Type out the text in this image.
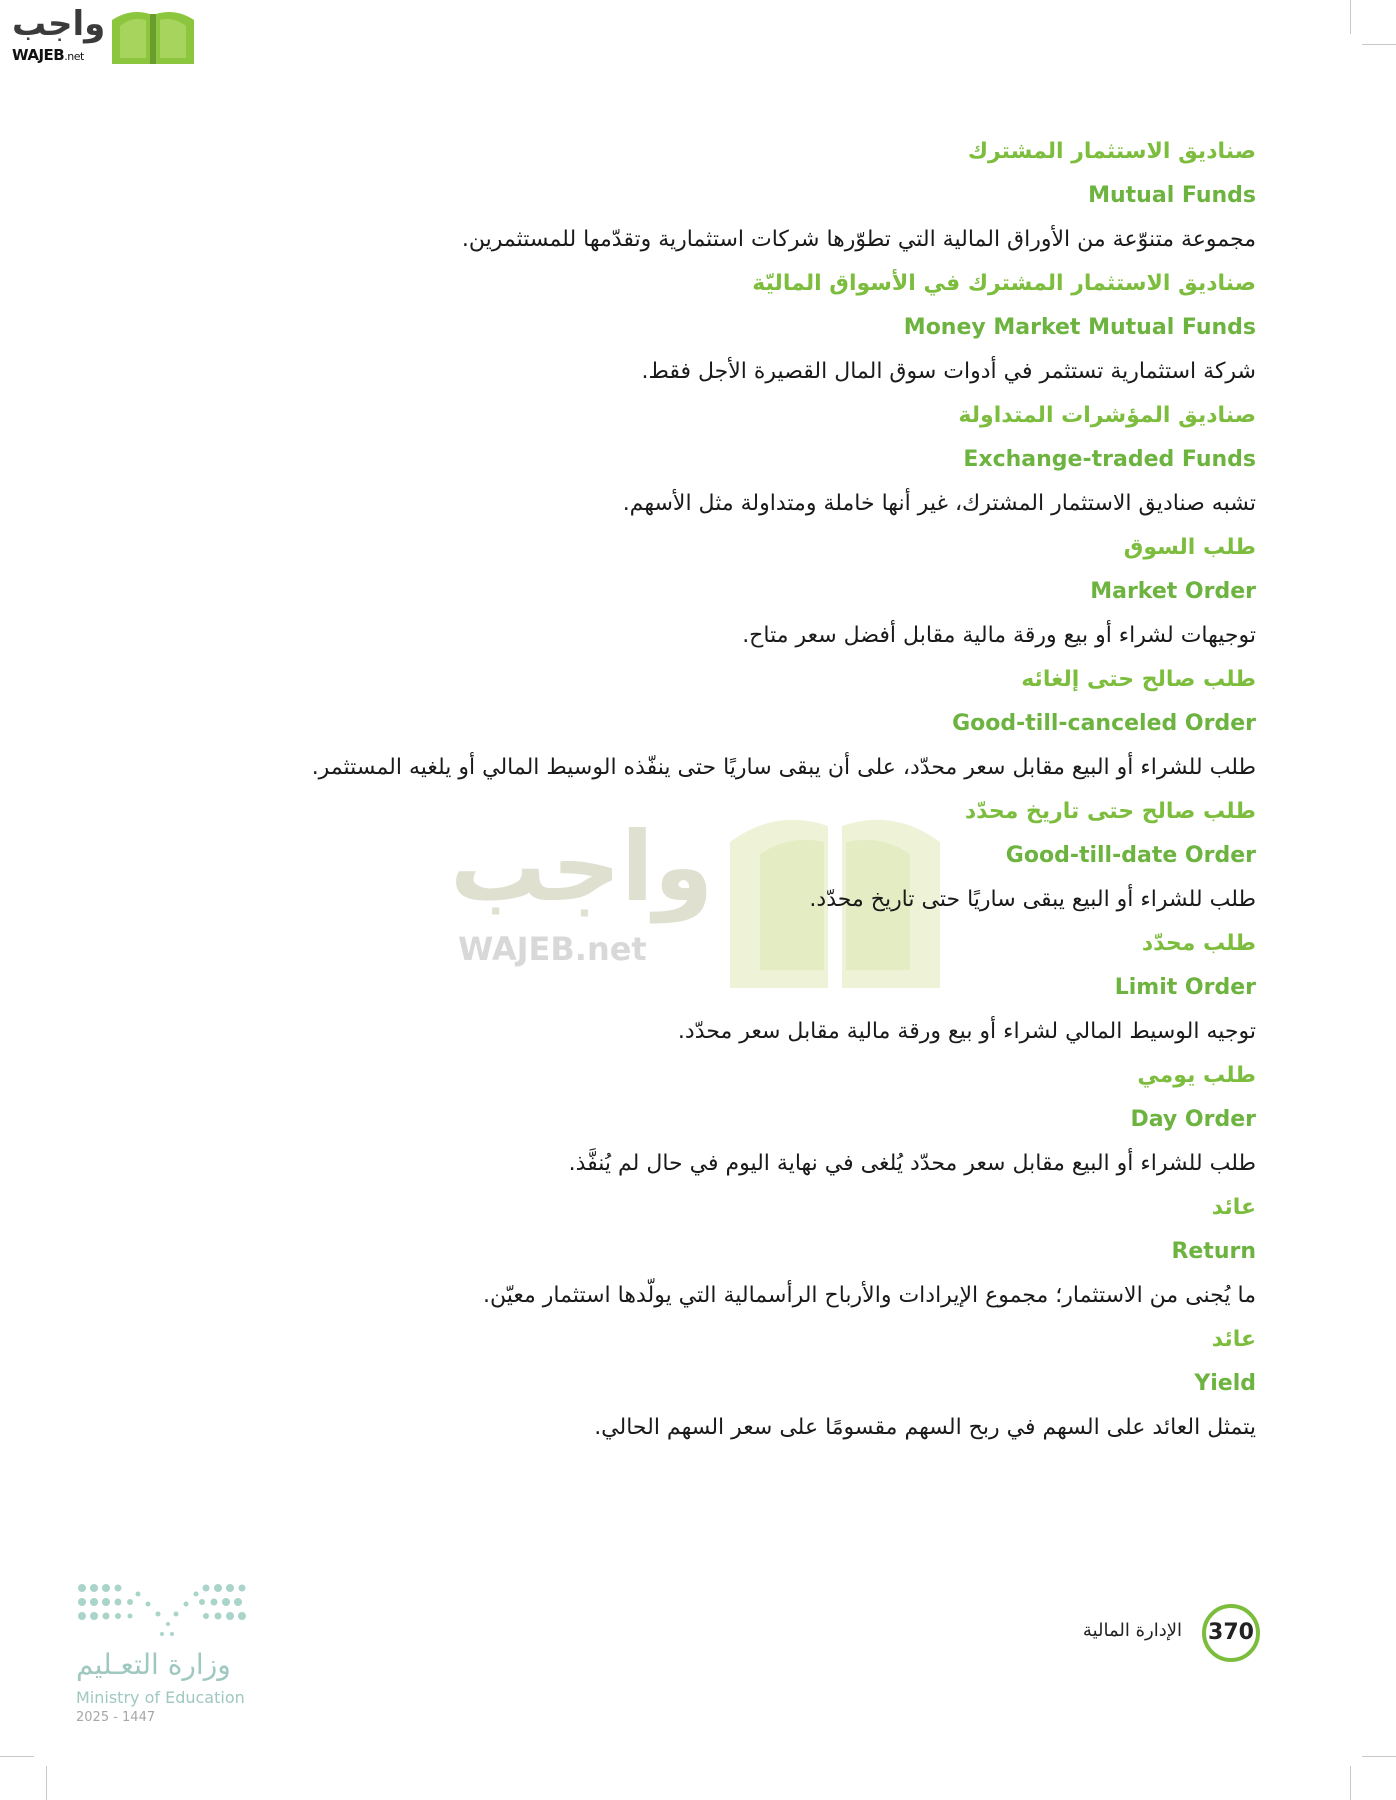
واجب
WAJEB.net
واجب
WAJEB.net
صناديق الاستثمار المشترك
Mutual Funds
مجموعة متنوّعة من الأوراق المالية التي تطوّرها شركات استثمارية وتقدّمها للمستثمرين.
صناديق الاستثمار المشترك في الأسواق الماليّة
Money Market Mutual Funds
شركة استثمارية تستثمر في أدوات سوق المال القصيرة الأجل فقط.
صناديق المؤشرات المتداولة
Exchange-traded Funds
تشبه صناديق الاستثمار المشترك، غير أنها خاملة ومتداولة مثل الأسهم.
طلب السوق
Market Order
توجيهات لشراء أو بيع ورقة مالية مقابل أفضل سعر متاح.
طلب صالح حتى إلغائه
Good-till-canceled Order
طلب للشراء أو البيع مقابل سعر محدّد، على أن يبقى ساريًا حتى ينفّذه الوسيط المالي أو يلغيه المستثمر.
طلب صالح حتى تاريخ محدّد
Good-till-date Order
طلب للشراء أو البيع يبقى ساريًا حتى تاريخ محدّد.
طلب محدّد
Limit Order
توجيه الوسيط المالي لشراء أو بيع ورقة مالية مقابل سعر محدّد.
طلب يومي
Day Order
طلب للشراء أو البيع مقابل سعر محدّد يُلغى في نهاية اليوم في حال لم يُنفَّذ.
عائد
Return
ما يُجنى من الاستثمار؛ مجموع الإيرادات والأرباح الرأسمالية التي يولّدها استثمار معيّن.
عائد
Yield
يتمثل العائد على السهم في ربح السهم مقسومًا على سعر السهم الحالي.
الإدارة المالية 370
وزارة التعـليم
Ministry of Education
2025 - 1447
